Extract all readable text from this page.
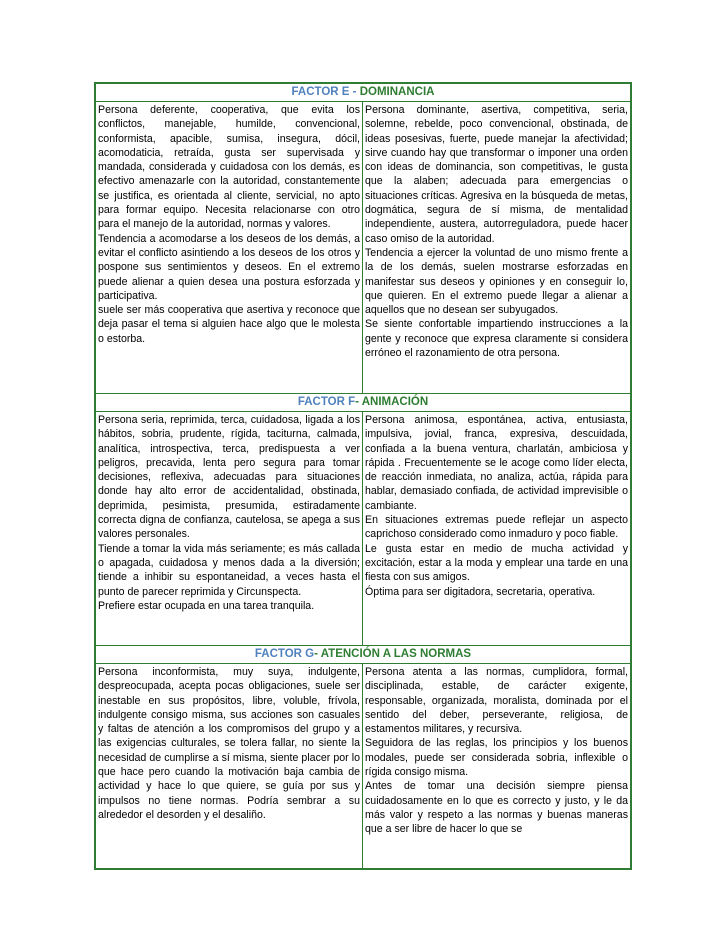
FACTOR E - DOMINANCIA

Persona deferente, cooperativa, que evita los conflictos, manejable, humilde, convencional, conformista, apacible, sumisa, insegura, dócil, acomodaticia, retraída, gusta ser supervisada y mandada, considerada y cuidadosa con los demás, es efectivo amenazarle con la autoridad, constantemente se justifica, es orientada al cliente, servicial, no apto para formar equipo. Necesita relacionarse con otro para el manejo de la autoridad, normas y valores.

Tendencia a acomodarse a los deseos de los demás, a evitar el conflicto asintiendo a los deseos de los otros y pospone sus sentimientos y deseos. En el extremo puede alienar a quien desea una postura esforzada y participativa.

suele ser más cooperativa que asertiva y reconoce que deja pasar el tema si alguien hace algo que le molesta o estorba.

Persona dominante, asertiva, competitiva, seria, solemne, rebelde, poco convencional, obstinada, de ideas posesivas, fuerte, puede manejar la afectividad; sirve cuando hay que transformar o imponer una orden con ideas de dominancia, son competitivas, le gusta que la alaben; adecuada para emergencias o situaciones críticas. Agresiva en la búsqueda de metas, dogmática, segura de sí misma, de mentalidad independiente, austera, autorreguladora, puede hacer caso omiso de la autoridad.

Tendencia a ejercer la voluntad de uno mismo frente a la de los demás, suelen mostrarse esforzadas en manifestar sus deseos y opiniones y en conseguir lo, que quieren. En el extremo puede llegar a alienar a aquellos que no desean ser subyugados.

Se siente confortable impartiendo instrucciones a la gente y reconoce que expresa claramente si considera erróneo el razonamiento de otra persona.

FACTOR F- ANIMACIÓN

Persona seria, reprimida, terca, cuidadosa, ligada a los hábitos, sobria, prudente, rígida, taciturna, calmada, analítica, introspectiva, terca, predispuesta a ver peligros, precavida, lenta pero segura para tomar decisiones, reflexiva, adecuadas para situaciones donde hay alto error de accidentalidad, obstinada, deprimida, pesimista, presumida, estiradamente correcta digna de confianza, cautelosa, se apega a sus valores personales.

Tiende a tomar la vida más seriamente; es más callada o apagada, cuidadosa y menos dada a la diversión; tiende a inhibir su espontaneidad, a veces hasta el punto de parecer reprimida y Circunspecta.

Prefiere estar ocupada en una tarea tranquila.

Persona animosa, espontánea, activa, entusiasta, impulsiva, jovial, franca, expresiva, descuidada, confiada a la buena ventura, charlatán, ambiciosa y rápida . Frecuentemente se le acoge como líder electa, de reacción inmediata, no analiza, actúa, rápida para hablar, demasiado confiada, de actividad imprevisible o cambiante.

En situaciones extremas puede reflejar un aspecto caprichoso considerado como inmaduro y poco fiable.

Le gusta estar en medio de mucha actividad y excitación, estar a la moda y emplear una tarde en una fiesta con sus amigos.

Óptima para ser digitadora, secretaria, operativa.

FACTOR G- ATENCIÓN A LAS NORMAS

Persona inconformista, muy suya, indulgente, despreocupada, acepta pocas obligaciones, suele ser inestable en sus propósitos, libre, voluble, frívola, indulgente consigo misma, sus acciones son casuales y faltas de atención a los compromisos del grupo y a las exigencias culturales, se tolera fallar, no siente la necesidad de cumplirse a sí misma, siente placer por lo que hace pero cuando la motivación baja cambia de actividad y hace lo que quiere, se guía por sus y impulsos no tiene normas. Podría sembrar a su alrededor el desorden y el desaliño.

Persona atenta a las normas, cumplidora, formal, disciplinada, estable, de carácter exigente, responsable, organizada, moralista, dominada por el sentido del deber, perseverante, religiosa, de estamentos militares, y recursiva.

Seguidora de las reglas, los principios y los buenos modales, puede ser considerada sobria, inflexible o rígida consigo misma.

Antes de tomar una decisión siempre piensa cuidadosamente en lo que es correcto y justo, y le da más valor y respeto a las normas y buenas maneras que a ser libre de hacer lo que se
